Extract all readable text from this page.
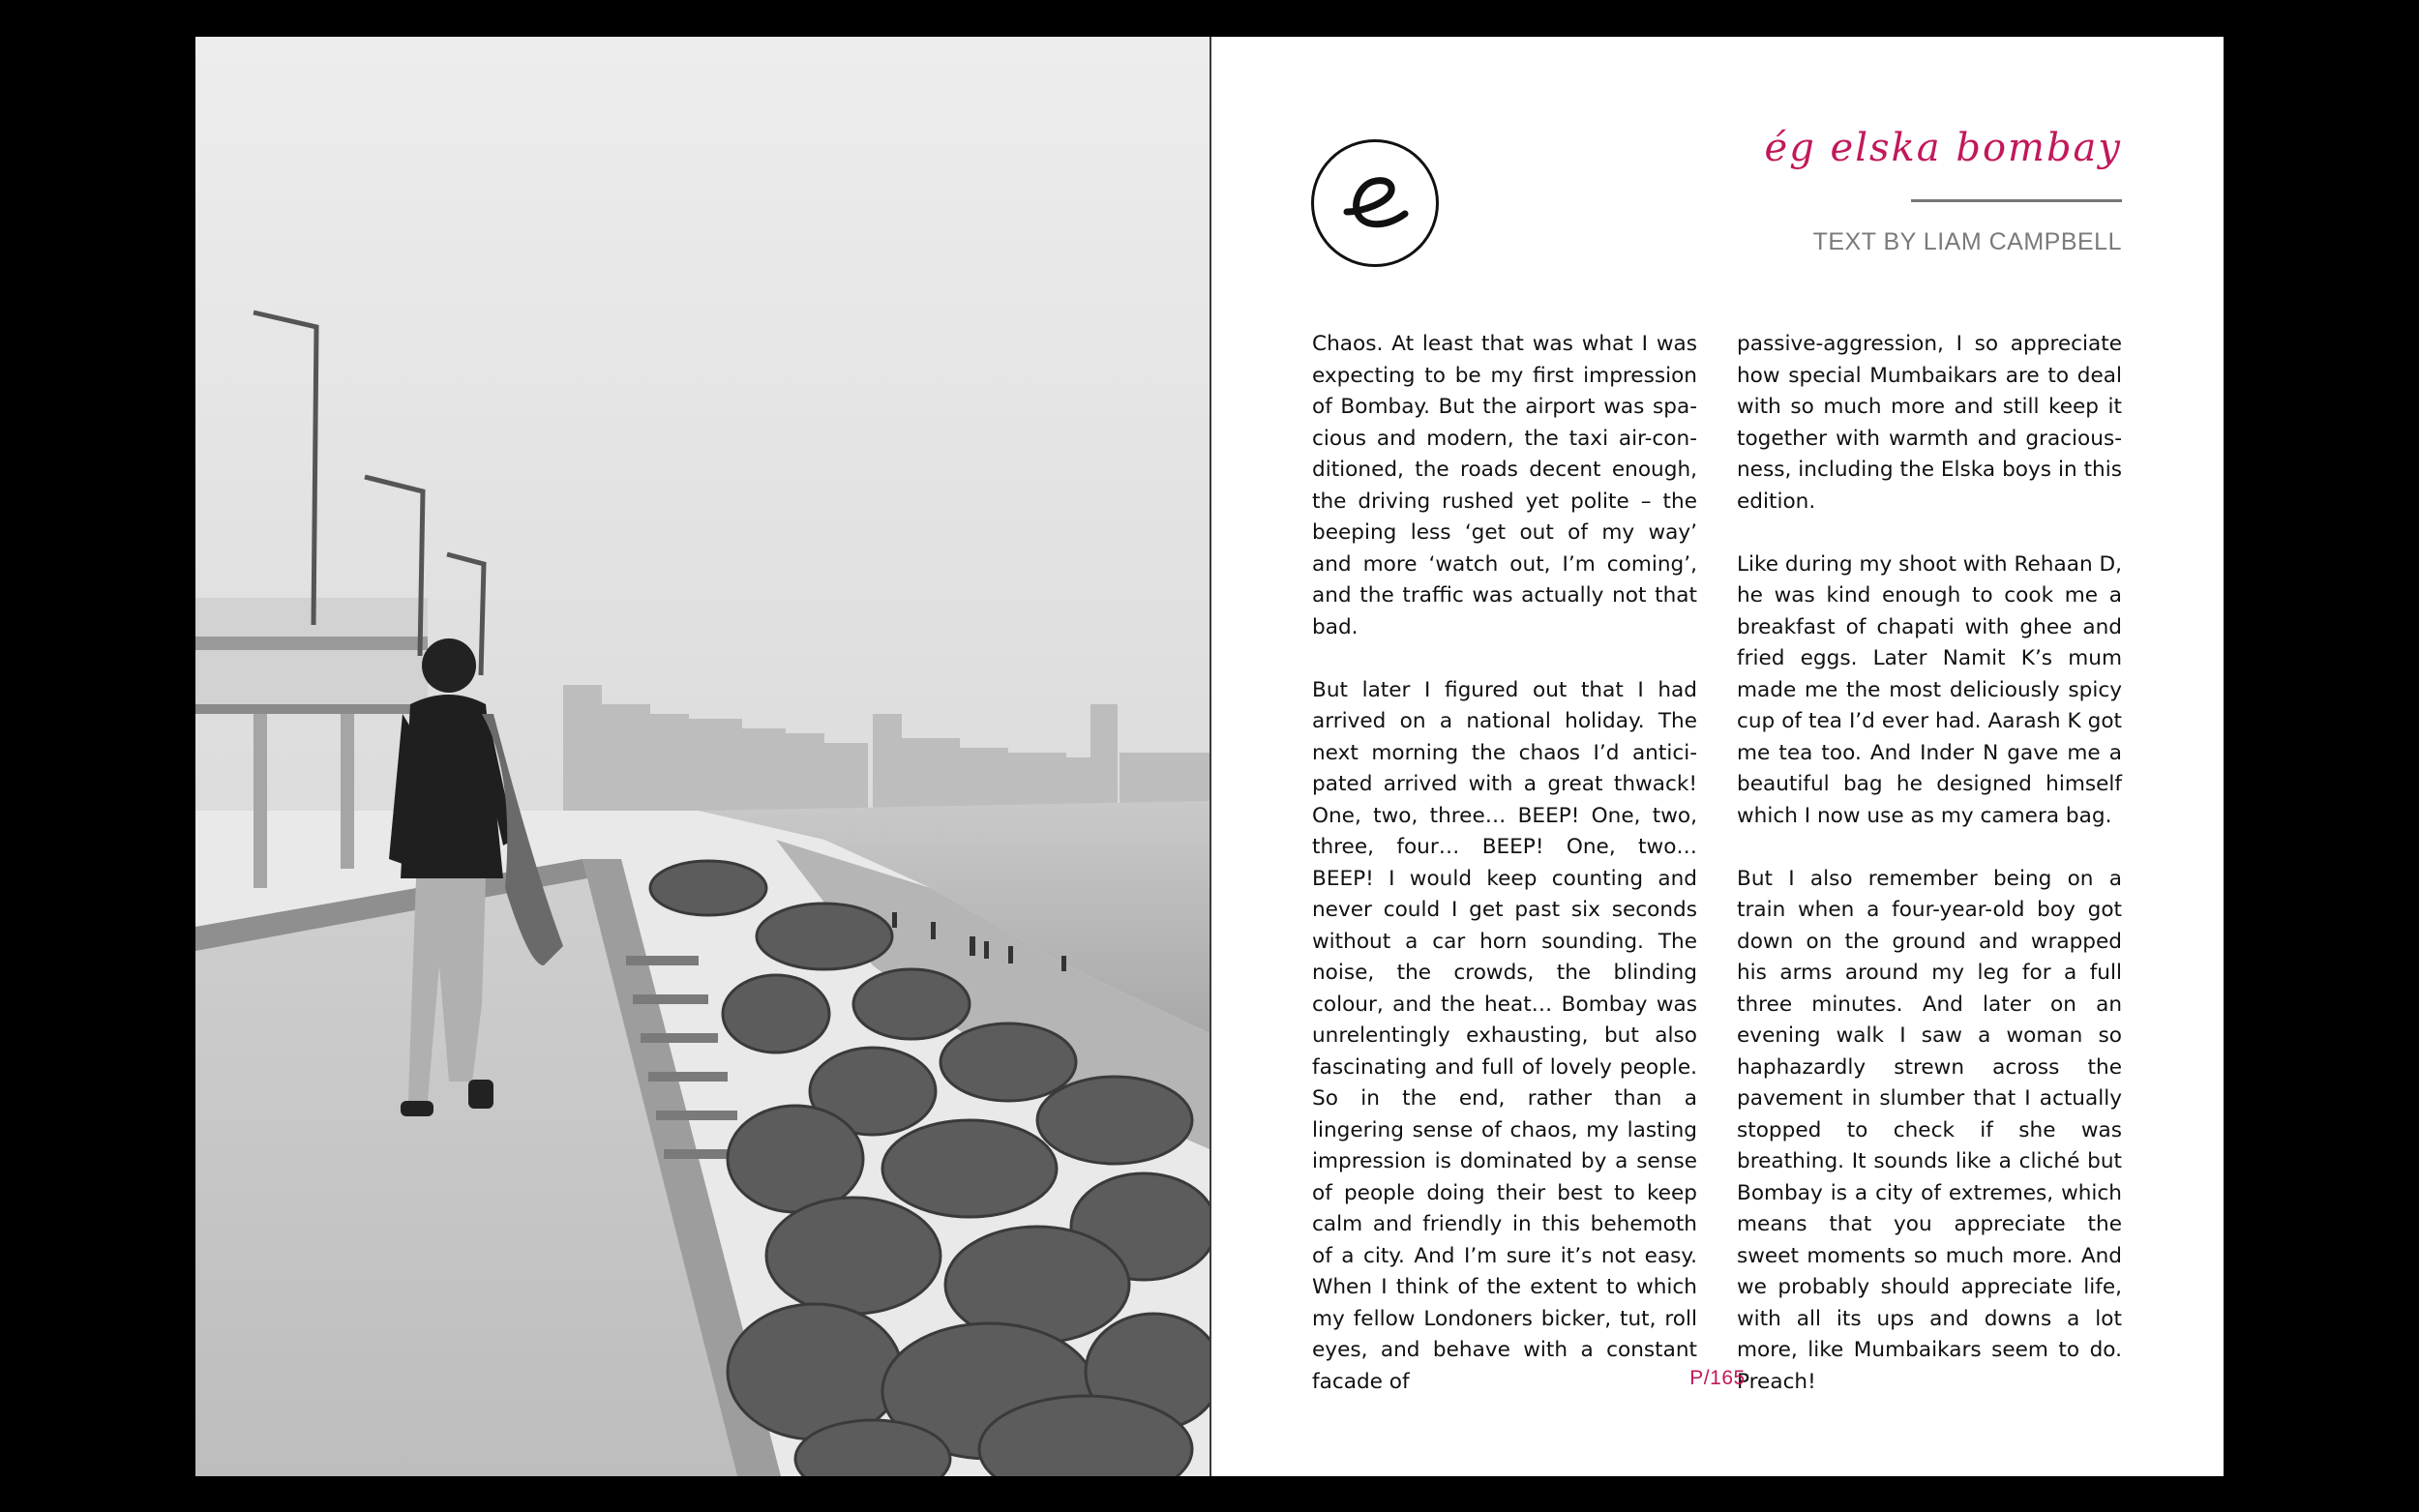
ég elska bombay
TEXT BY LIAM CAMPBELL

Chaos. At least that was what I was expecting to be my first impression of Bombay. But the airport was spacious and modern, the taxi air-conditioned, the roads decent enough, the driving rushed yet polite – the beeping less ‘get out of my way’ and more ‘watch out, I’m coming’, and the traffic was actually not that bad.

But later I figured out that I had arrived on a national holiday. The next morning the chaos I’d anticipated arrived with a great thwack! One, two, three… BEEP! One, two, three, four… BEEP! One, two… BEEP! I would keep counting and never could I get past six seconds without a car horn sounding. The noise, the crowds, the blinding colour, and the heat… Bombay was unrelentingly exhausting, but also fascinating and full of lovely people. So in the end, rather than a lingering sense of chaos, my lasting impression is dominated by a sense of people doing their best to keep calm and friendly in this behemoth of a city. And I’m sure it’s not easy. When I think of the extent to which my fellow Londoners bicker, tut, roll eyes, and behave with a constant facade of

passive-aggression, I so appreciate how special Mumbaikars are to deal with so much more and still keep it together with warmth and graciousness, including the Elska boys in this edition.

Like during my shoot with Rehaan D, he was kind enough to cook me a breakfast of chapati with ghee and fried eggs. Later Namit K’s mum made me the most deliciously spicy cup of tea I’d ever had. Aarash K got me tea too. And Inder N gave me a beautiful bag he designed himself which I now use as my camera bag.

But I also remember being on a train when a four-year-old boy got down on the ground and wrapped his arms around my leg for a full three minutes. And later on an evening walk I saw a woman so haphazardly strewn across the pavement in slumber that I actually stopped to check if she was breathing. It sounds like a cliché but Bombay is a city of extremes, which means that you appreciate the sweet moments so much more. And we probably should appreciate life, with all its ups and downs a lot more, like Mumbaikars seem to do. Preach!

P/165
